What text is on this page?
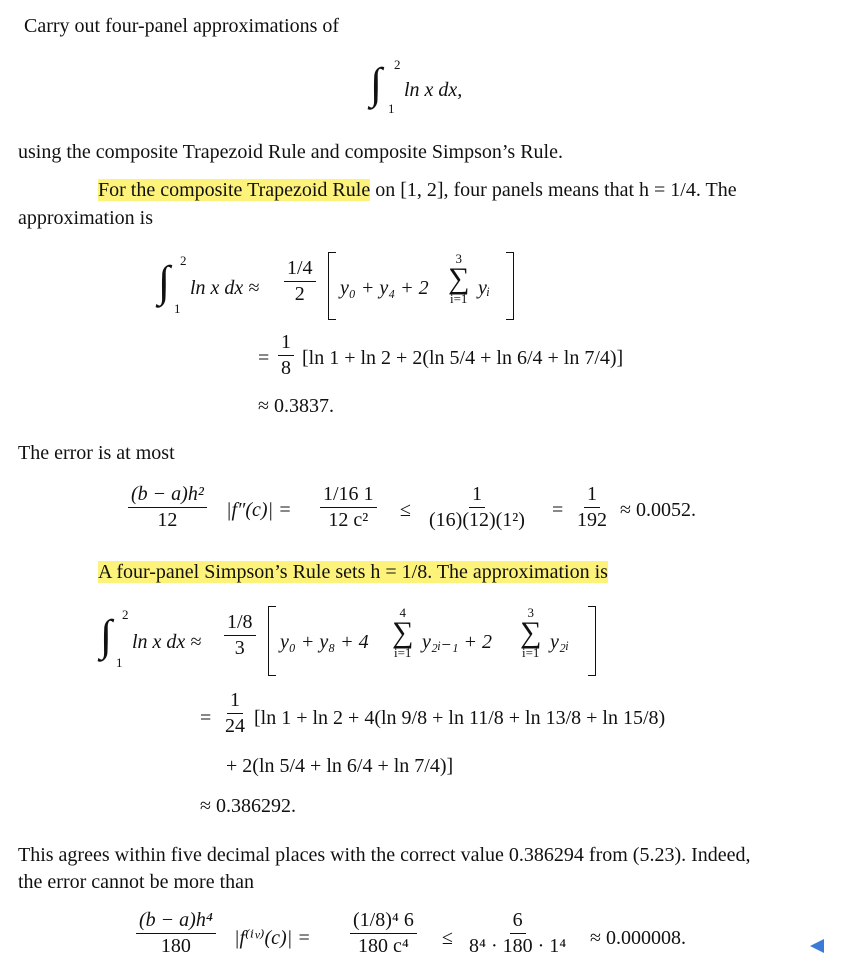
Carry out four-panel approximations of
∫ 2
1
ln x dx,
using the composite Trapezoid Rule and composite Simpson’s Rule.
For the composite Trapezoid Rule on [1, 2], four panels means that h = 1/4. The
approximation is
∫ 2
1
ln x dx ≈ $\frac{1/4}{2} y_0 + y_4 + 2$
3
∑
i=1 yᵢ
= $\frac{1}{8} [\ln$ 1 + ln 2 + 2(ln 5/4 + ln 6/4 + ln 7/4)]
≈ 0.3837.
The error is at most
$\frac{\text{(b − a)h²}}{12} |f''(c)| = \frac{1/16 1}{\text{12 c²}} \le \frac{1}{\text{(16)(12)(1²)}} = \frac{1}{192} \approx 0.0052$.
A four-panel Simpson’s Rule sets h = 1/8. The approximation is
∫ 2
1
ln x dx ≈ $\frac{1/8}{3} y_0 + y_8 + 4$
4
∑
i=1 y₂ᵢ₋₁ + 2
3
∑
i=1 y₂ᵢ
= $\frac{1}{24} [\ln$ 1 + ln 2 + 4(ln 9/8 + ln 11/8 + ln 13/8 + ln 15/8)
+ 2(ln 5/4 + ln 6/4 + ln 7/4)]
≈ 0.386292.
This agrees within five decimal places with the correct value 0.386294 from (5.23). Indeed,
the error cannot be more than
$\frac{\text{(b − a)h⁴}}{180}$ |f⁽ⁱᵛ⁾(c)| = $\frac{\text{(1/8)⁴ 6}}{\text{180 c⁴}} \le \frac{6}{\text{8⁴ · 180 · 1⁴}} \approx 0.000008$.
